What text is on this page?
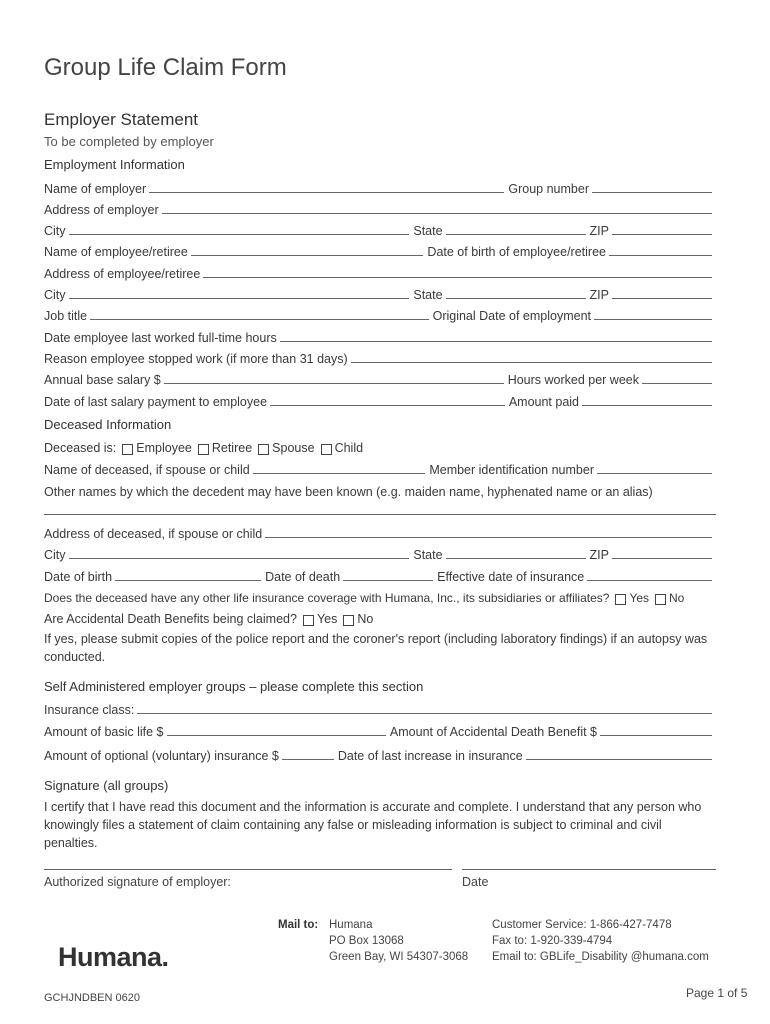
Group Life Claim Form
Employer Statement
To be completed by employer
Employment Information
Name of employer	Group number
Address of employer
City	State	ZIP
Name of employee/retiree	Date of birth of employee/retiree
Address of employee/retiree
City	State	ZIP
Job title	Original Date of employment
Date employee last worked full-time hours
Reason employee stopped work (if more than 31 days)
Annual base salary $	Hours worked per week
Date of last salary payment to employee	Amount paid
Deceased Information
Deceased is: Employee Retiree Spouse Child
Name of deceased, if spouse or child	Member identification number
Other names by which the decedent may have been known (e.g. maiden name, hyphenated name or an alias)
Address of deceased, if spouse or child
City	State	ZIP
Date of birth	Date of death	Effective date of insurance
Does the deceased have any other life insurance coverage with Humana, Inc., its subsidiaries or affiliates? Yes No
Are Accidental Death Benefits being claimed? Yes No
If yes, please submit copies of the police report and the coroner's report (including laboratory findings) if an autopsy was conducted.
Self Administered employer groups – please complete this section
Insurance class:
Amount of basic life $	Amount of Accidental Death Benefit $
Amount of optional (voluntary) insurance $	Date of last increase in insurance
Signature (all groups)
I certify that I have read this document and the information is accurate and complete. I understand that any person who knowingly files a statement of claim containing any false or misleading information is subject to criminal and civil penalties.
Authorized signature of employer:	Date
Mail to: Humana
PO Box 13068
Green Bay, WI 54307-3068
Customer Service: 1-866-427-7478
Fax to: 1-920-339-4794
Email to: GBLife_Disability @humana.com
Humana.
GCHJNDBEN 0620	Page 1 of 5
